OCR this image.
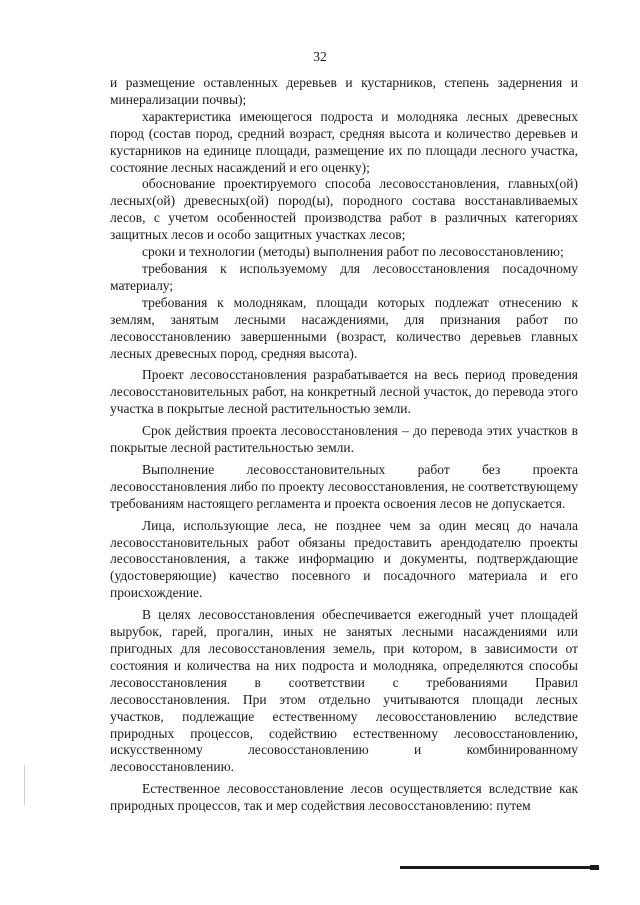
32

и размещение оставленных деревьев и кустарников, степень задернения и минерализации почвы);

характеристика имеющегося подроста и молодняка лесных древесных пород (состав пород, средний возраст, средняя высота и количество деревьев и кустарников на единице площади, размещение их по площади лесного участка, состояние лесных насаждений и его оценку);

обоснование проектируемого способа лесовосстановления, главных(ой) лесных(ой) древесных(ой) пород(ы), породного состава восстанавливаемых лесов, с учетом особенностей производства работ в различных категориях защитных лесов и особо защитных участках лесов;

сроки и технологии (методы) выполнения работ по лесовосстановлению;

требования к используемому для лесовосстановления посадочному материалу;

требования к молоднякам, площади которых подлежат отнесению к землям, занятым лесными насаждениями, для признания работ по лесовосстановлению завершенными (возраст, количество деревьев главных лесных древесных пород, средняя высота).

Проект лесовосстановления разрабатывается на весь период проведения лесовосстановительных работ, на конкретный лесной участок, до перевода этого участка в покрытые лесной растительностью земли.

Срок действия проекта лесовосстановления – до перевода этих участков в покрытые лесной растительностью земли.

Выполнение лесовосстановительных работ без проекта лесовосстановления либо по проекту лесовосстановления, не соответствующему требованиям настоящего регламента и проекта освоения лесов не допускается.

Лица, использующие леса, не позднее чем за один месяц до начала лесовосстановительных работ обязаны предоставить арендодателю проекты лесовосстановления, а также информацию и документы, подтверждающие (удостоверяющие) качество посевного и посадочного материала и его происхождение.

В целях лесовосстановления обеспечивается ежегодный учет площадей вырубок, гарей, прогалин, иных не занятых лесными насаждениями или пригодных для лесовосстановления земель, при котором, в зависимости от состояния и количества на них подроста и молодняка, определяются способы лесовосстановления в соответствии с требованиями Правил лесовосстановления. При этом отдельно учитываются площади лесных участков, подлежащие естественному лесовосстановлению вследствие природных процессов, содействию естественному лесовосстановлению, искусственному лесовосстановлению и комбинированному лесовосстановлению.

Естественное лесовосстановление лесов осуществляется вследствие как природных процессов, так и мер содействия лесовосстановлению: путем
